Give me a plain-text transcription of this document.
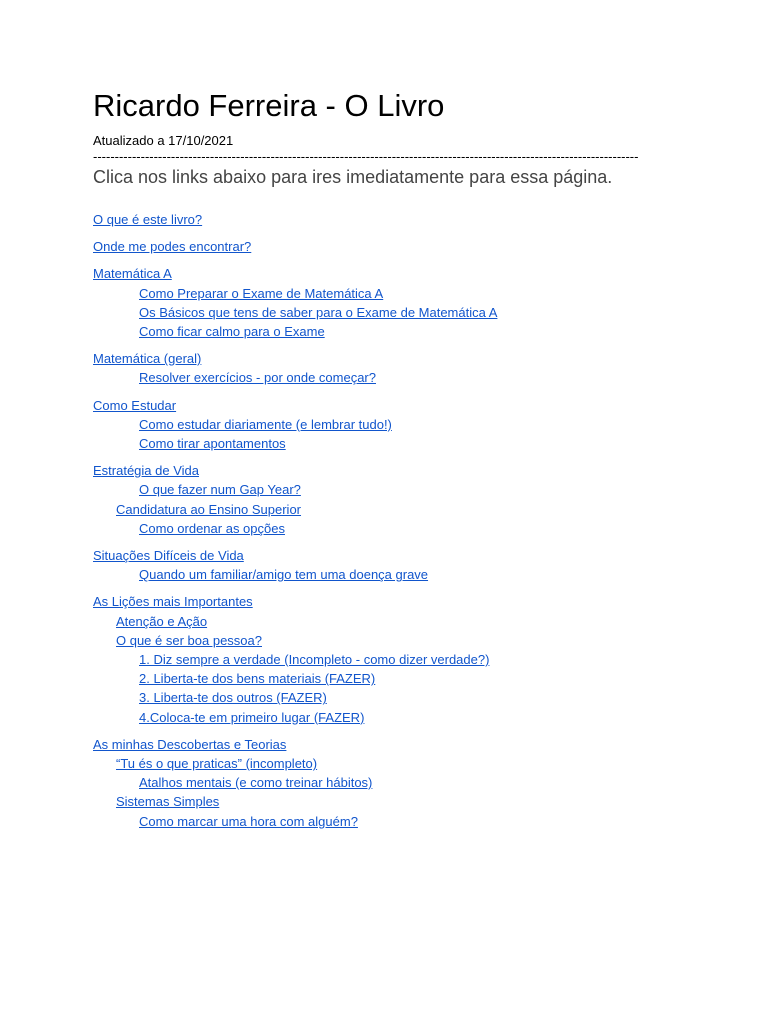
Ricardo Ferreira - O Livro
Atualizado a 17/10/2021
------------------------------------------------------------------------------------------------------------------------------
Clica nos links abaixo para ires imediatamente para essa página.
O que é este livro?
Onde me podes encontrar?
Matemática A
Como Preparar o Exame de Matemática A
Os Básicos que tens de saber para o Exame de Matemática A
Como ficar calmo para o Exame
Matemática (geral)
Resolver exercícios - por onde começar?
Como Estudar
Como estudar diariamente (e lembrar tudo!)
Como tirar apontamentos
Estratégia de Vida
O que fazer num Gap Year?
Candidatura ao Ensino Superior
Como ordenar as opções
Situações Difíceis de Vida
Quando um familiar/amigo tem uma doença grave
As Lições mais Importantes
Atenção e Ação
O que é ser boa pessoa?
1. Diz sempre a verdade (Incompleto - como dizer verdade?)
2. Liberta-te dos bens materiais (FAZER)
3. Liberta-te dos outros (FAZER)
4.Coloca-te em primeiro lugar (FAZER)
As minhas Descobertas e Teorias
“Tu és o que praticas” (incompleto)
Atalhos mentais (e como treinar hábitos)
Sistemas Simples
Como marcar uma hora com alguém?
